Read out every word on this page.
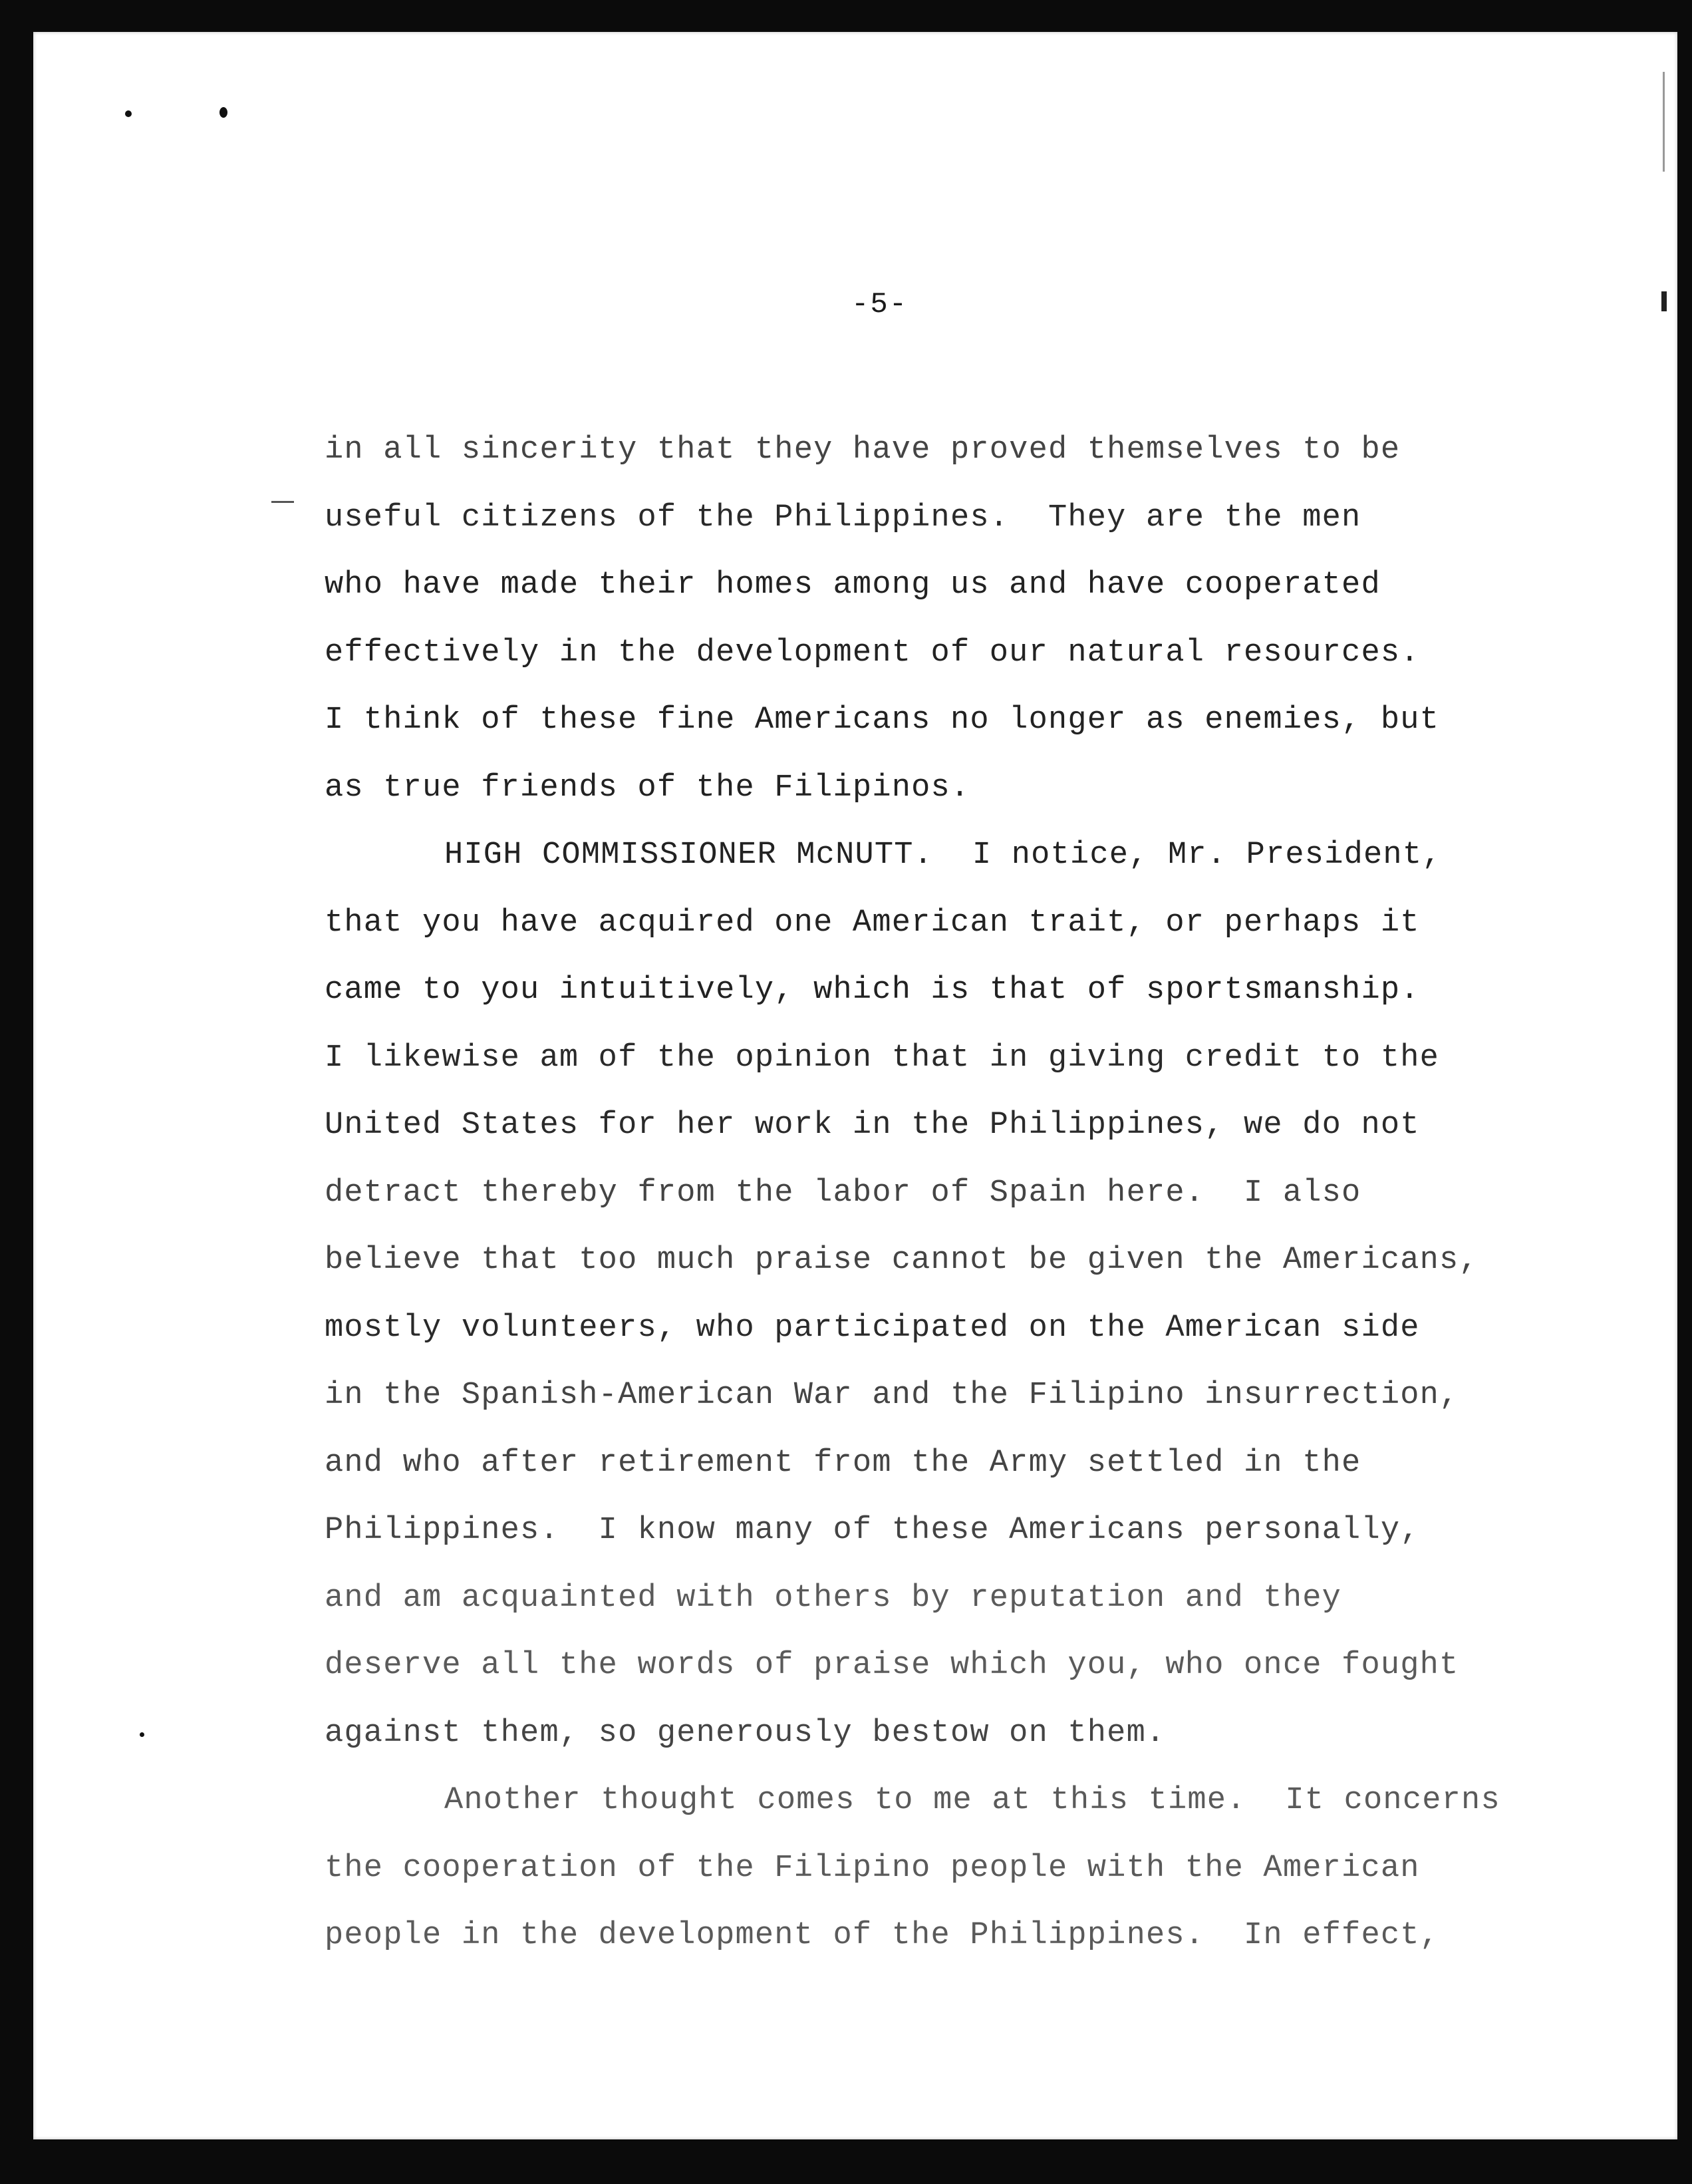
-5-
in all sincerity that they have proved themselves to be
useful citizens of the Philippines.  They are the men
who have made their homes among us and have cooperated
effectively in the development of our natural resources.
I think of these fine Americans no longer as enemies, but
as true friends of the Filipinos.
HIGH COMMISSIONER McNUTT.  I notice, Mr. President,
that you have acquired one American trait, or perhaps it
came to you intuitively, which is that of sportsmanship.
I likewise am of the opinion that in giving credit to the
United States for her work in the Philippines, we do not
detract thereby from the labor of Spain here.  I also
believe that too much praise cannot be given the Americans,
mostly volunteers, who participated on the American side
in the Spanish-American War and the Filipino insurrection,
and who after retirement from the Army settled in the
Philippines.  I know many of these Americans personally,
and am acquainted with others by reputation and they
deserve all the words of praise which you, who once fought
against them, so generously bestow on them.
Another thought comes to me at this time.  It concerns
the cooperation of the Filipino people with the American
people in the development of the Philippines.  In effect,
